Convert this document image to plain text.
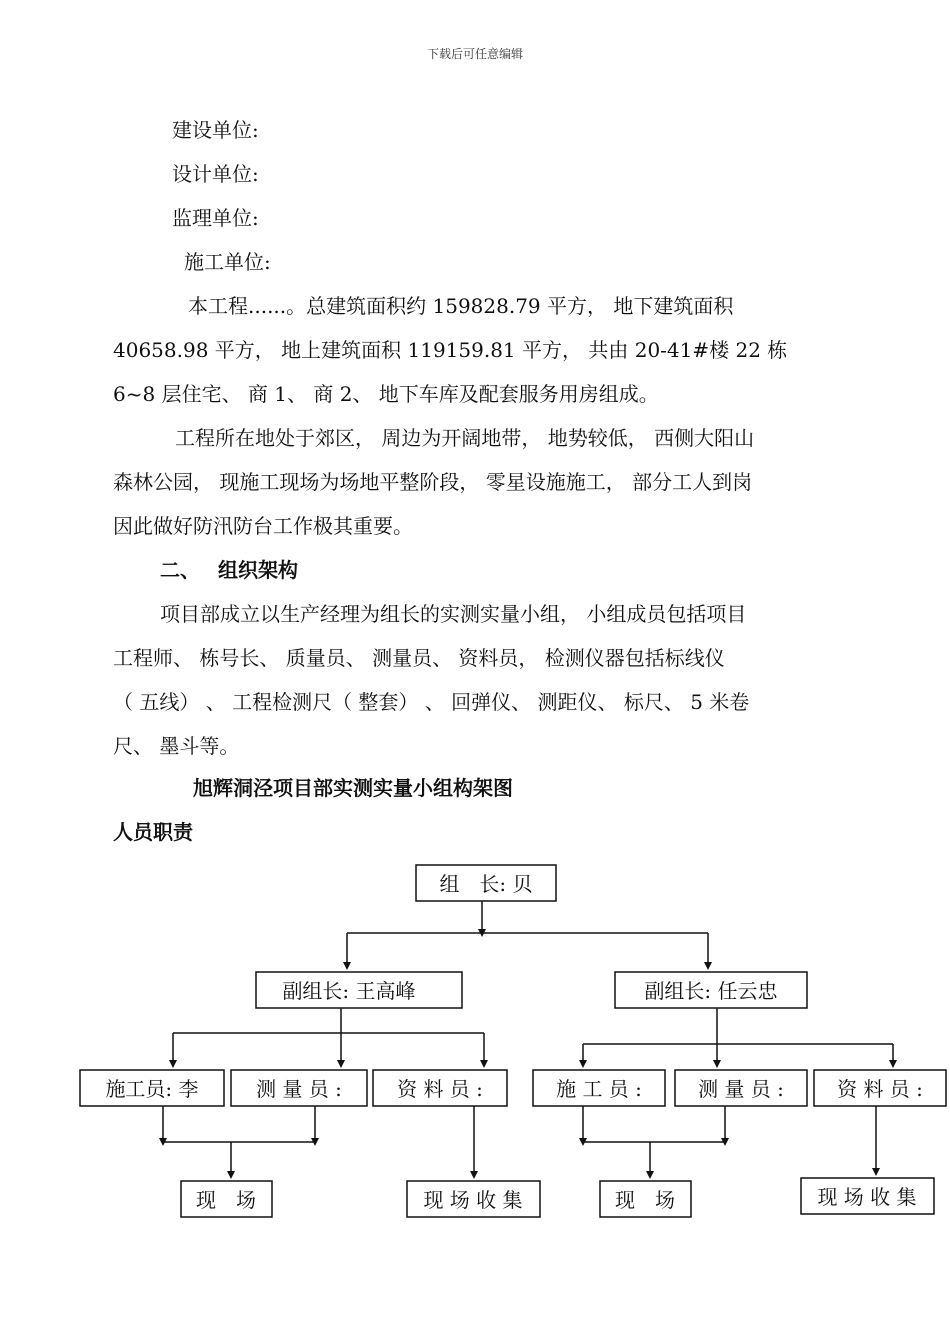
下载后可任意编辑
建设单位:
设计单位:
监理单位:
施工单位:
本工程......。总建筑面积约 159828.79 平方， 地下建筑面积
40658.98 平方， 地上建筑面积 119159.81 平方， 共由 20-41#楼 22 栋
6~8 层住宅、 商 1、 商 2、 地下车库及配套服务用房组成。
工程所在地处于郊区， 周边为开阔地带， 地势较低， 西侧大阳山
森林公园， 现施工现场为场地平整阶段， 零星设施施工， 部分工人到岗
因此做好防汛防台工作极其重要。
二、 组织架构
项目部成立以生产经理为组长的实测实量小组， 小组成员包括项目
工程师、 栋号长、 质量员、 测量员、 资料员， 检测仪器包括标线仪
（ 五线） 、 工程检测尺（ 整套） 、 回弹仪、 测距仪、 标尺、 5 米卷
尺、 墨斗等。
旭辉洞泾项目部实测实量小组构架图
人员职责
组　长: 贝
副组长: 王高峰	副组长: 任云忠
施工员: 李	测 量 员 :	资 料 员 :	施 工 员 :	测 量 员 :	资 料 员 :
现　场	现 场 收 集	现　场	现 场 收 集
